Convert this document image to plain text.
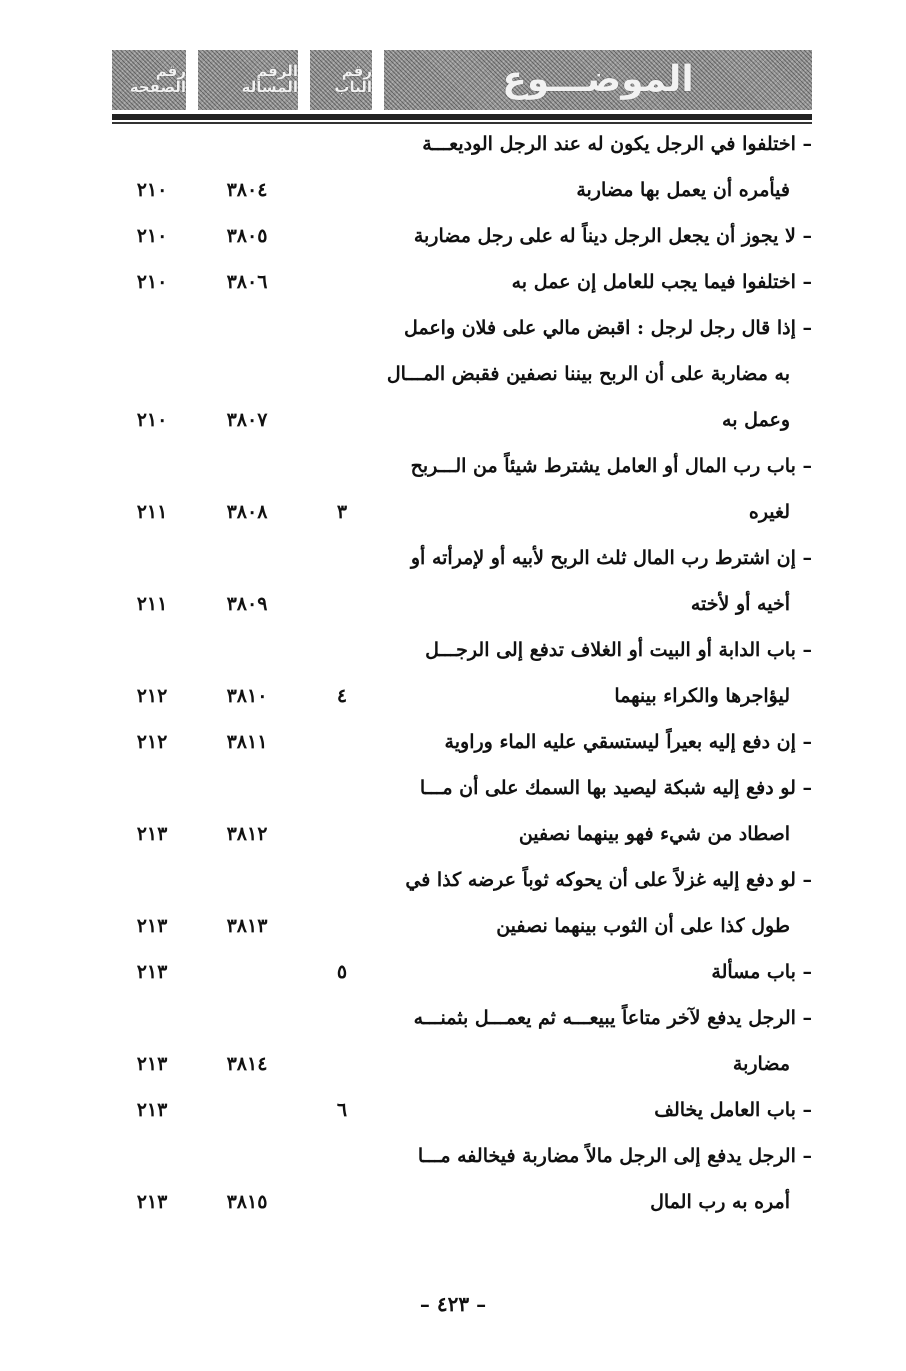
الموضـــوع
رقم الباب
الرقم المسألة
رقم الصفحة
– اختلفوا في الرجل يكون له عند الرجل الوديعـــة
فيأمره أن يعمل بها مضاربة
٣٨٠٤
٢١٠
– لا يجوز أن يجعل الرجل ديناً له على رجل مضاربة
٣٨٠٥
٢١٠
– اختلفوا فيما يجب للعامل إن عمل به
٣٨٠٦
٢١٠
– إذا قال رجل لرجل : اقبض مالي على فلان واعمل
به مضاربة على أن الربح بيننا نصفين فقبض المـــال
وعمل به
٣٨٠٧
٢١٠
– باب رب المال أو العامل يشترط شيئاً من الـــربح
لغيره
٣
٣٨٠٨
٢١١
– إن اشترط رب المال ثلث الربح لأبيه أو لإمرأته أو
أخيه أو لأخته
٣٨٠٩
٢١١
– باب الدابة أو البيت أو الغلاف تدفع إلى الرجـــل
ليؤاجرها والكراء بينهما
٤
٣٨١٠
٢١٢
– إن دفع إليه بعيراً ليستسقي عليه الماء وراوية
٣٨١١
٢١٢
– لو دفع إليه شبكة ليصيد بها السمك على أن مـــا
اصطاد من شيء فهو بينهما نصفين
٣٨١٢
٢١٣
– لو دفع إليه غزلاً على أن يحوكه ثوباً عرضه كذا في
طول كذا على أن الثوب بينهما نصفين
٣٨١٣
٢١٣
– باب مسألة
٥
٢١٣
– الرجل يدفع لآخر متاعاً يبيعـــه ثم يعمـــل بثمنـــه
مضاربة
٣٨١٤
٢١٣
– باب العامل يخالف
٦
٢١٣
– الرجل يدفع إلى الرجل مالاً مضاربة فيخالفه مـــا
أمره به رب المال
٣٨١٥
٢١٣
– ٤٢٣ –
